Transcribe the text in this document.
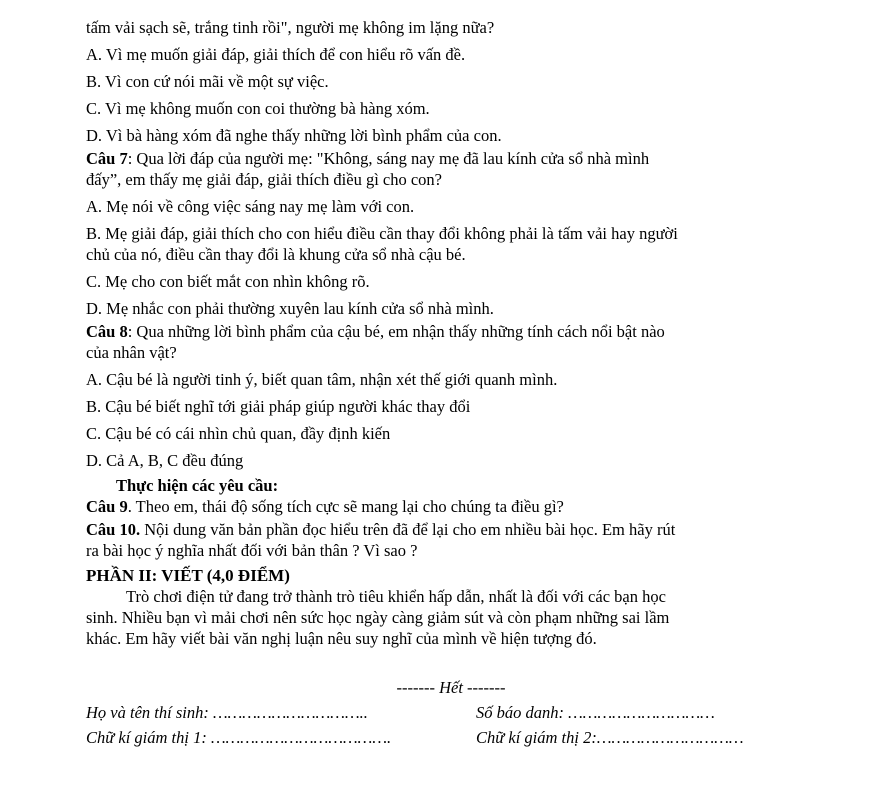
tấm vải sạch sẽ, trắng tinh rồi", người mẹ không im lặng nữa?
A. Vì mẹ muốn giải đáp, giải thích để con hiểu rõ vấn đề.
B. Vì con cứ nói mãi về một sự việc.
C. Vì mẹ không muốn con coi thường bà hàng xóm.
D. Vì bà hàng xóm đã nghe thấy những lời bình phẩm của con.
Câu 7: Qua lời đáp của người mẹ: "Không, sáng nay mẹ đã lau kính cửa sổ nhà mình
đấy”, em thấy mẹ giải đáp, giải thích điều gì cho con?
A. Mẹ nói về công việc sáng nay mẹ làm với con.
B. Mẹ giải đáp, giải thích cho con hiểu điều cần thay đổi không phải là tấm vải hay người
chủ của nó, điều cần thay đổi là khung cửa sổ nhà cậu bé.
C. Mẹ cho con biết mắt con nhìn không rõ.
D. Mẹ nhắc con phải thường xuyên lau kính cửa sổ nhà mình.
Câu 8: Qua những lời bình phẩm của cậu bé, em nhận thấy những tính cách nổi bật nào
của nhân vật?
A. Cậu bé là người tinh ý, biết quan tâm, nhận xét thế giới quanh mình.
B. Cậu bé biết nghĩ tới giải pháp giúp người khác thay đổi
C. Cậu bé có cái nhìn chủ quan, đầy định kiến
D. Cả A, B, C đều đúng
Thực hiện các yêu cầu:
Câu 9. Theo em, thái độ sống tích cực sẽ mang lại cho chúng ta điều gì?
Câu 10. Nội dung văn bản phần đọc hiểu trên đã để lại cho em nhiều bài học. Em hãy rút
ra bài học ý nghĩa nhất đối với bản thân ? Vì sao ?
PHẦN II: VIẾT (4,0 ĐIỂM)
Trò chơi điện tử đang trở thành trò tiêu khiển hấp dẫn, nhất là đối với các bạn học
sinh. Nhiều bạn vì mải chơi nên sức học ngày càng giảm sút và còn phạm những sai lầm
khác. Em hãy viết bài văn nghị luận nêu suy nghĩ của mình về hiện tượng đó.
------- Hết -------
Họ và tên thí sinh: …………………………..	Số báo danh: …………………………
Chữ kí giám thị 1: ……………………………….	Chữ kí giám thị 2:…………………………
